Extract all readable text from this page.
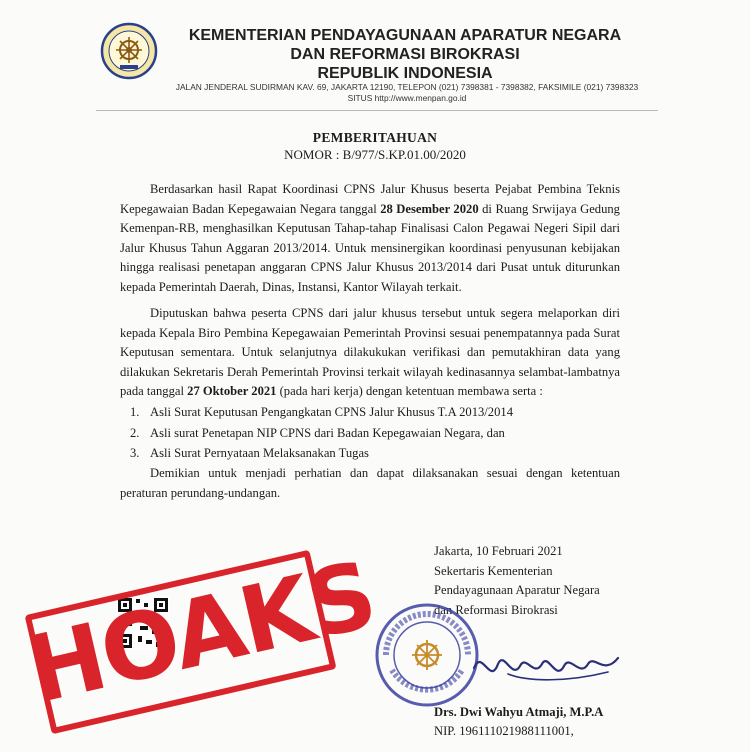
KEMENTERIAN PENDAYAGUNAAN APARATUR NEGARA
DAN REFORMASI BIROKRASI
REPUBLIK INDONESIA
JALAN JENDERAL SUDIRMAN KAV. 69, JAKARTA 12190, TELEPON (021) 7398381 - 7398382, FAKSIMILE (021) 7398323
SITUS http://www.menpan.go.id
PEMBERITAHUAN
NOMOR : B/977/S.KP.01.00/2020

Berdasarkan hasil Rapat Koordinasi CPNS Jalur Khusus beserta Pejabat Pembina Teknis Kepegawaian Badan Kepegawaian Negara tanggal 28 Desember 2020 di Ruang Srwijaya Gedung Kemenpan-RB, menghasilkan Keputusan Tahap-tahap Finalisasi Calon Pegawai Negeri Sipil dari Jalur Khusus Tahun Aggaran 2013/2014. Untuk mensinergikan koordinasi penyusunan kebijakan hingga realisasi penetapan anggaran CPNS Jalur Khusus 2013/2014 dari Pusat untuk diturunkan kepada Pemerintah Daerah, Dinas, Instansi, Kantor Wilayah terkait.

Diputuskan bahwa peserta CPNS dari jalur khusus tersebut untuk segera melaporkan diri kepada Kepala Biro Pembina Kepegawaian Pemerintah Provinsi sesuai penempatannya pada Surat Keputusan sementara. Untuk selanjutnya dilakukukan verifikasi dan pemutakhiran data yang dilakukan Sekretaris Derah Pemerintah Provinsi terkait wilayah kedinasannya selambat-lambatnya pada tanggal 27 Oktober 2021 (pada hari kerja) dengan ketentuan membawa serta :

1. Asli Surat Keputusan Pengangkatan CPNS Jalur Khusus T.A 2013/2014
2. Asli surat Penetapan NIP CPNS dari Badan Kepegawaian Negara, dan
3. Asli Surat Pernyataan Melaksanakan Tugas

Demikian untuk menjadi perhatian dan dapat dilaksanakan sesuai dengan ketentuan peraturan perundang-undangan.

Jakarta, 10 Februari 2021
Sekertaris Kementerian
Pendayagunaan Aparatur Negara
dan Reformasi Birokrasi
Drs. Dwi Wahyu Atmaji, M.P.A
NIP. 196111021988111001,
HOAKS
